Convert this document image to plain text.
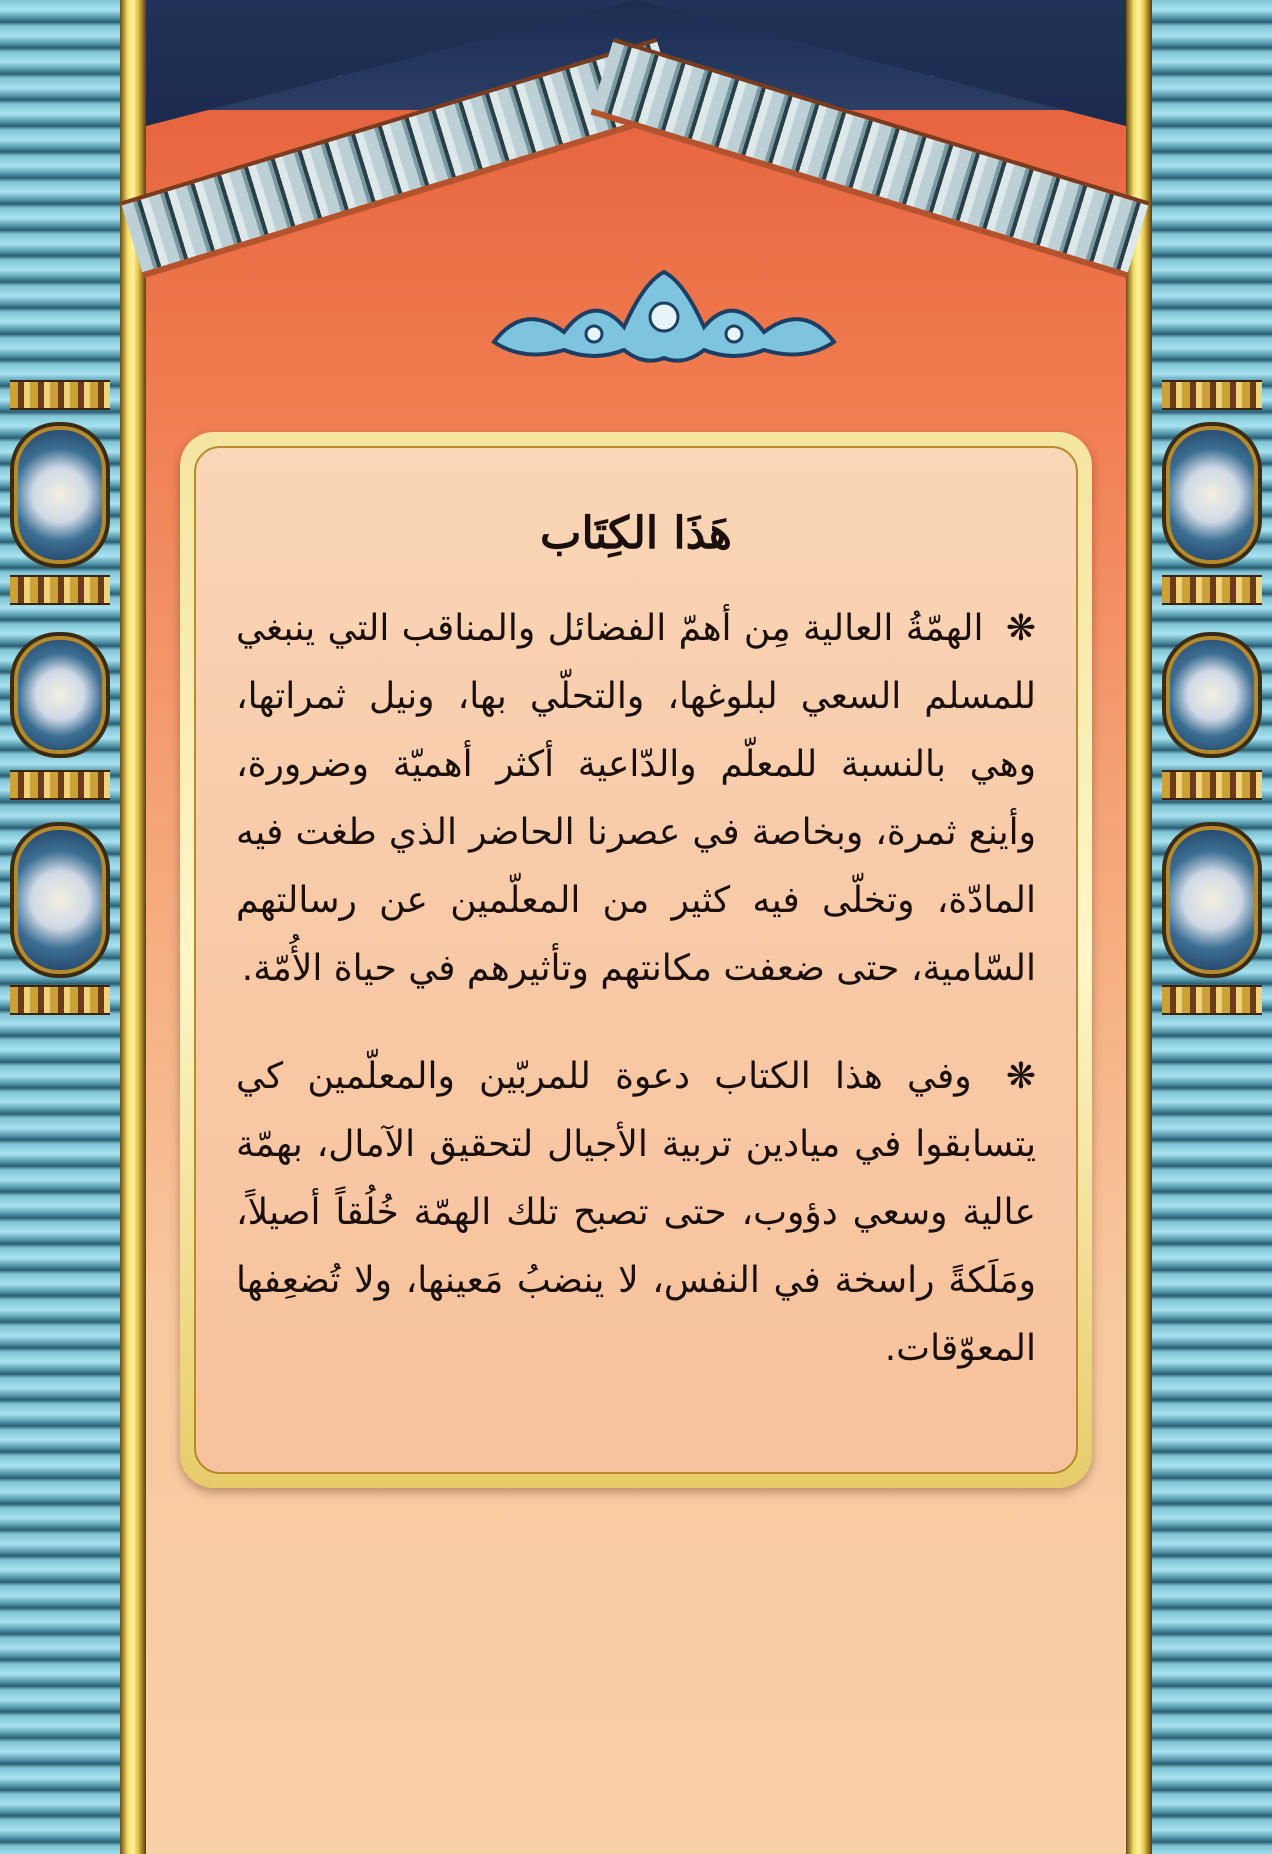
هَذَا الكِتَاب

❋ الهمّةُ العالية مِن أهمّ الفضائل والمناقب التي ينبغي للمسلم السعي لبلوغها، والتحلّي بها، ونيل ثمراتها، وهي بالنسبة للمعلّم والدّاعية أكثر أهميّة وضرورة، وأينع ثمرة، وبخاصة في عصرنا الحاضر الذي طغت فيه المادّة، وتخلّى فيه كثير من المعلّمين عن رسالتهم السّامية، حتى ضعفت مكانتهم وتأثيرهم في حياة الأُمّة.

❋ وفي هذا الكتاب دعوة للمربّين والمعلّمين كي يتسابقوا في ميادين تربية الأجيال لتحقيق الآمال، بهمّة عالية وسعي دؤوب، حتى تصبح تلك الهمّة خُلُقاً أصيلاً، ومَلَكةً راسخة في النفس، لا ينضبُ مَعينها، ولا تُضعِفها المعوّقات.
